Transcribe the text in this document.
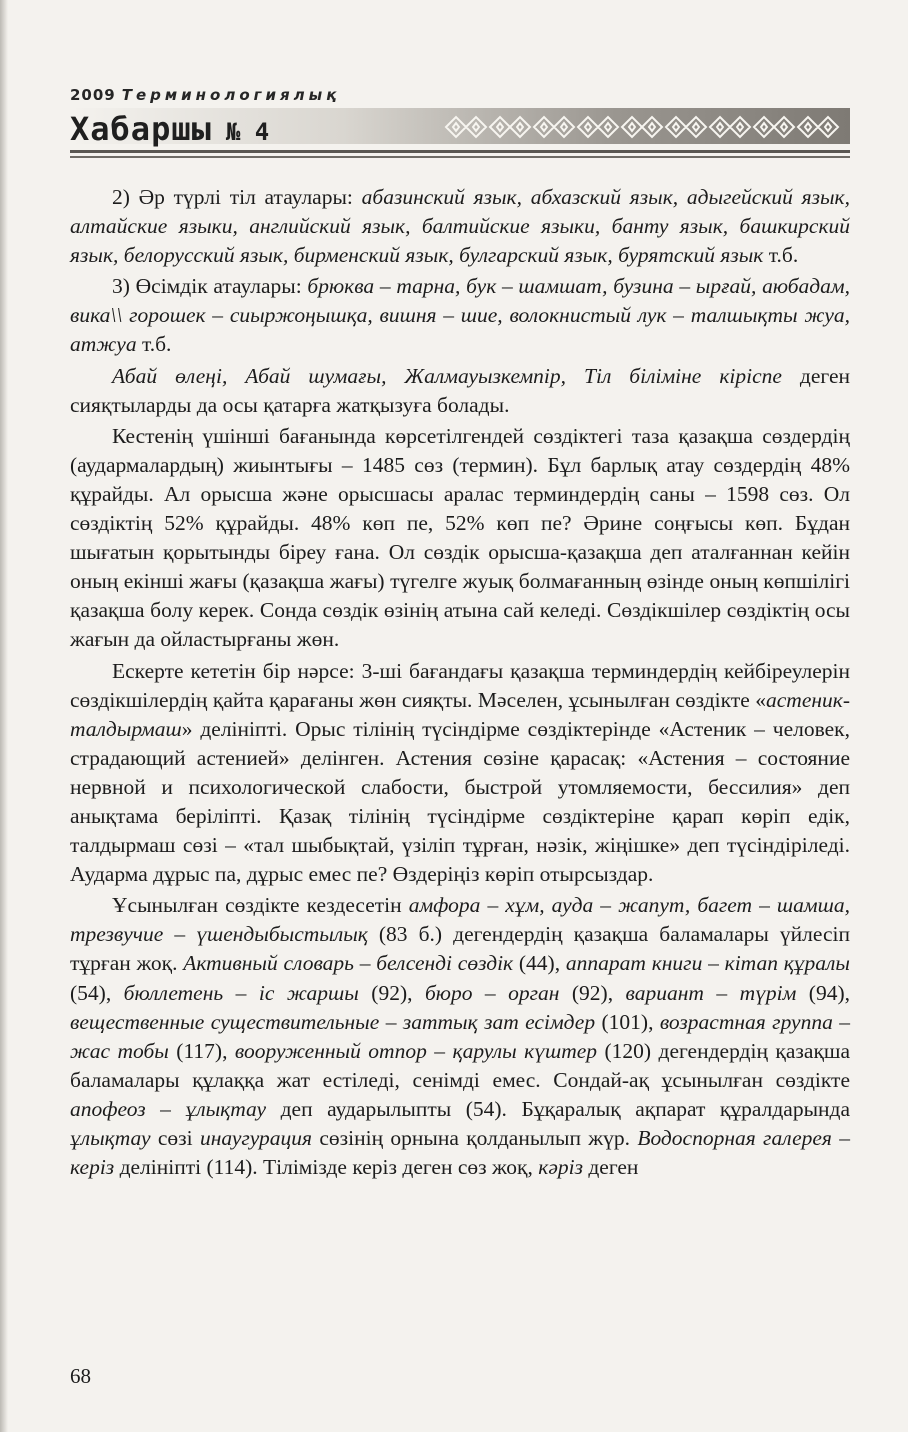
2009 Терминологиялық
Хабаршы № 4

2) Әр түрлі тіл атаулары: абазинский язык, абхазский язык, адыгейский язык, алтайские языки, английский язык, балтийские языки, банту язык, башкирский язык, белорусский язык, бирменский язык, булгарский язык, бурятский язык т.б.

3) Өсімдік атаулары: брюква – тарна, бук – шамшат, бузина – ырғай, аюбадам, вика\\ горошек – сиыржоңышқа, вишня – шие, волокнистый лук – талшықты жуа, атжуа т.б.

Абай өлеңі, Абай шумағы, Жалмауызкемпір, Тіл біліміне кіріспе деген сияқтыларды да осы қатарға жатқызуға болады.

Кестенің үшінші бағанында көрсетілгендей сөздіктегі таза қазақша сөздердің (аудармалардың) жиынтығы – 1485 сөз (термин). Бұл барлық атау сөздердің 48% құрайды. Ал орысша және орысшасы аралас терминдердің саны – 1598 сөз. Ол сөздіктің 52% құрайды. 48% көп пе, 52% көп пе? Әрине соңғысы көп. Бұдан шығатын қорытынды біреу ғана. Ол сөздік орысша-қазақша деп аталғаннан кейін оның екінші жағы (қазақша жағы) түгелге жуық болмағанның өзінде оның көпшілігі қазақша болу керек. Сонда сөздік өзінің атына сай келеді. Сөздікшілер сөздіктің осы жағын да ойластырғаны жөн.

Ескерте кететін бір нәрсе: 3-ші бағандағы қазақша терминдердің кейбіреулерін сөздікшілердің қайта қарағаны жөн сияқты. Мәселен, ұсынылған сөздікте «астеник-талдырмаш» делініпті. Орыс тілінің түсіндірме сөздіктерінде «Астеник – человек, страдающий астенией» делінген. Астения сөзіне қарасақ: «Астения – состояние нервной и психологической слабости, быстрой утомляемости, бессилия» деп анықтама беріліпті. Қазақ тілінің түсіндірме сөздіктеріне қарап көріп едік, талдырмаш сөзі – «тал шыбықтай, үзіліп тұрған, нәзік, жіңішке» деп түсіндіріледі. Аударма дұрыс па, дұрыс емес пе? Өздеріңіз көріп отырсыздар.

Ұсынылған сөздікте кездесетін амфора – хұм, ауда – жапут, багет – шамша, трезвучие – үшендыбыстылық (83 б.) дегендердің қазақша баламалары үйлесіп тұрған жоқ. Активный словарь – белсенді сөздік (44), аппарат книги – кітап құралы (54), бюллетень – іс жаршы (92), бюро – орган (92), вариант – түрім (94), вещественные существительные – заттық зат есімдер (101), возрастная группа – жас тобы (117), вооруженный отпор – қарулы күштер (120) дегендердің қазақша баламалары құлаққа жат естіледі, сенімді емес. Сондай-ақ ұсынылған сөздікте апофеоз – ұлықтау деп аударылыпты (54). Бұқаралық ақпарат құралдарында ұлықтау сөзі инаугурация сөзінің орнына қолданылып жүр. Водоспорная галерея – керіз делініпті (114). Тілімізде керіз деген сөз жоқ, кәріз деген

68
